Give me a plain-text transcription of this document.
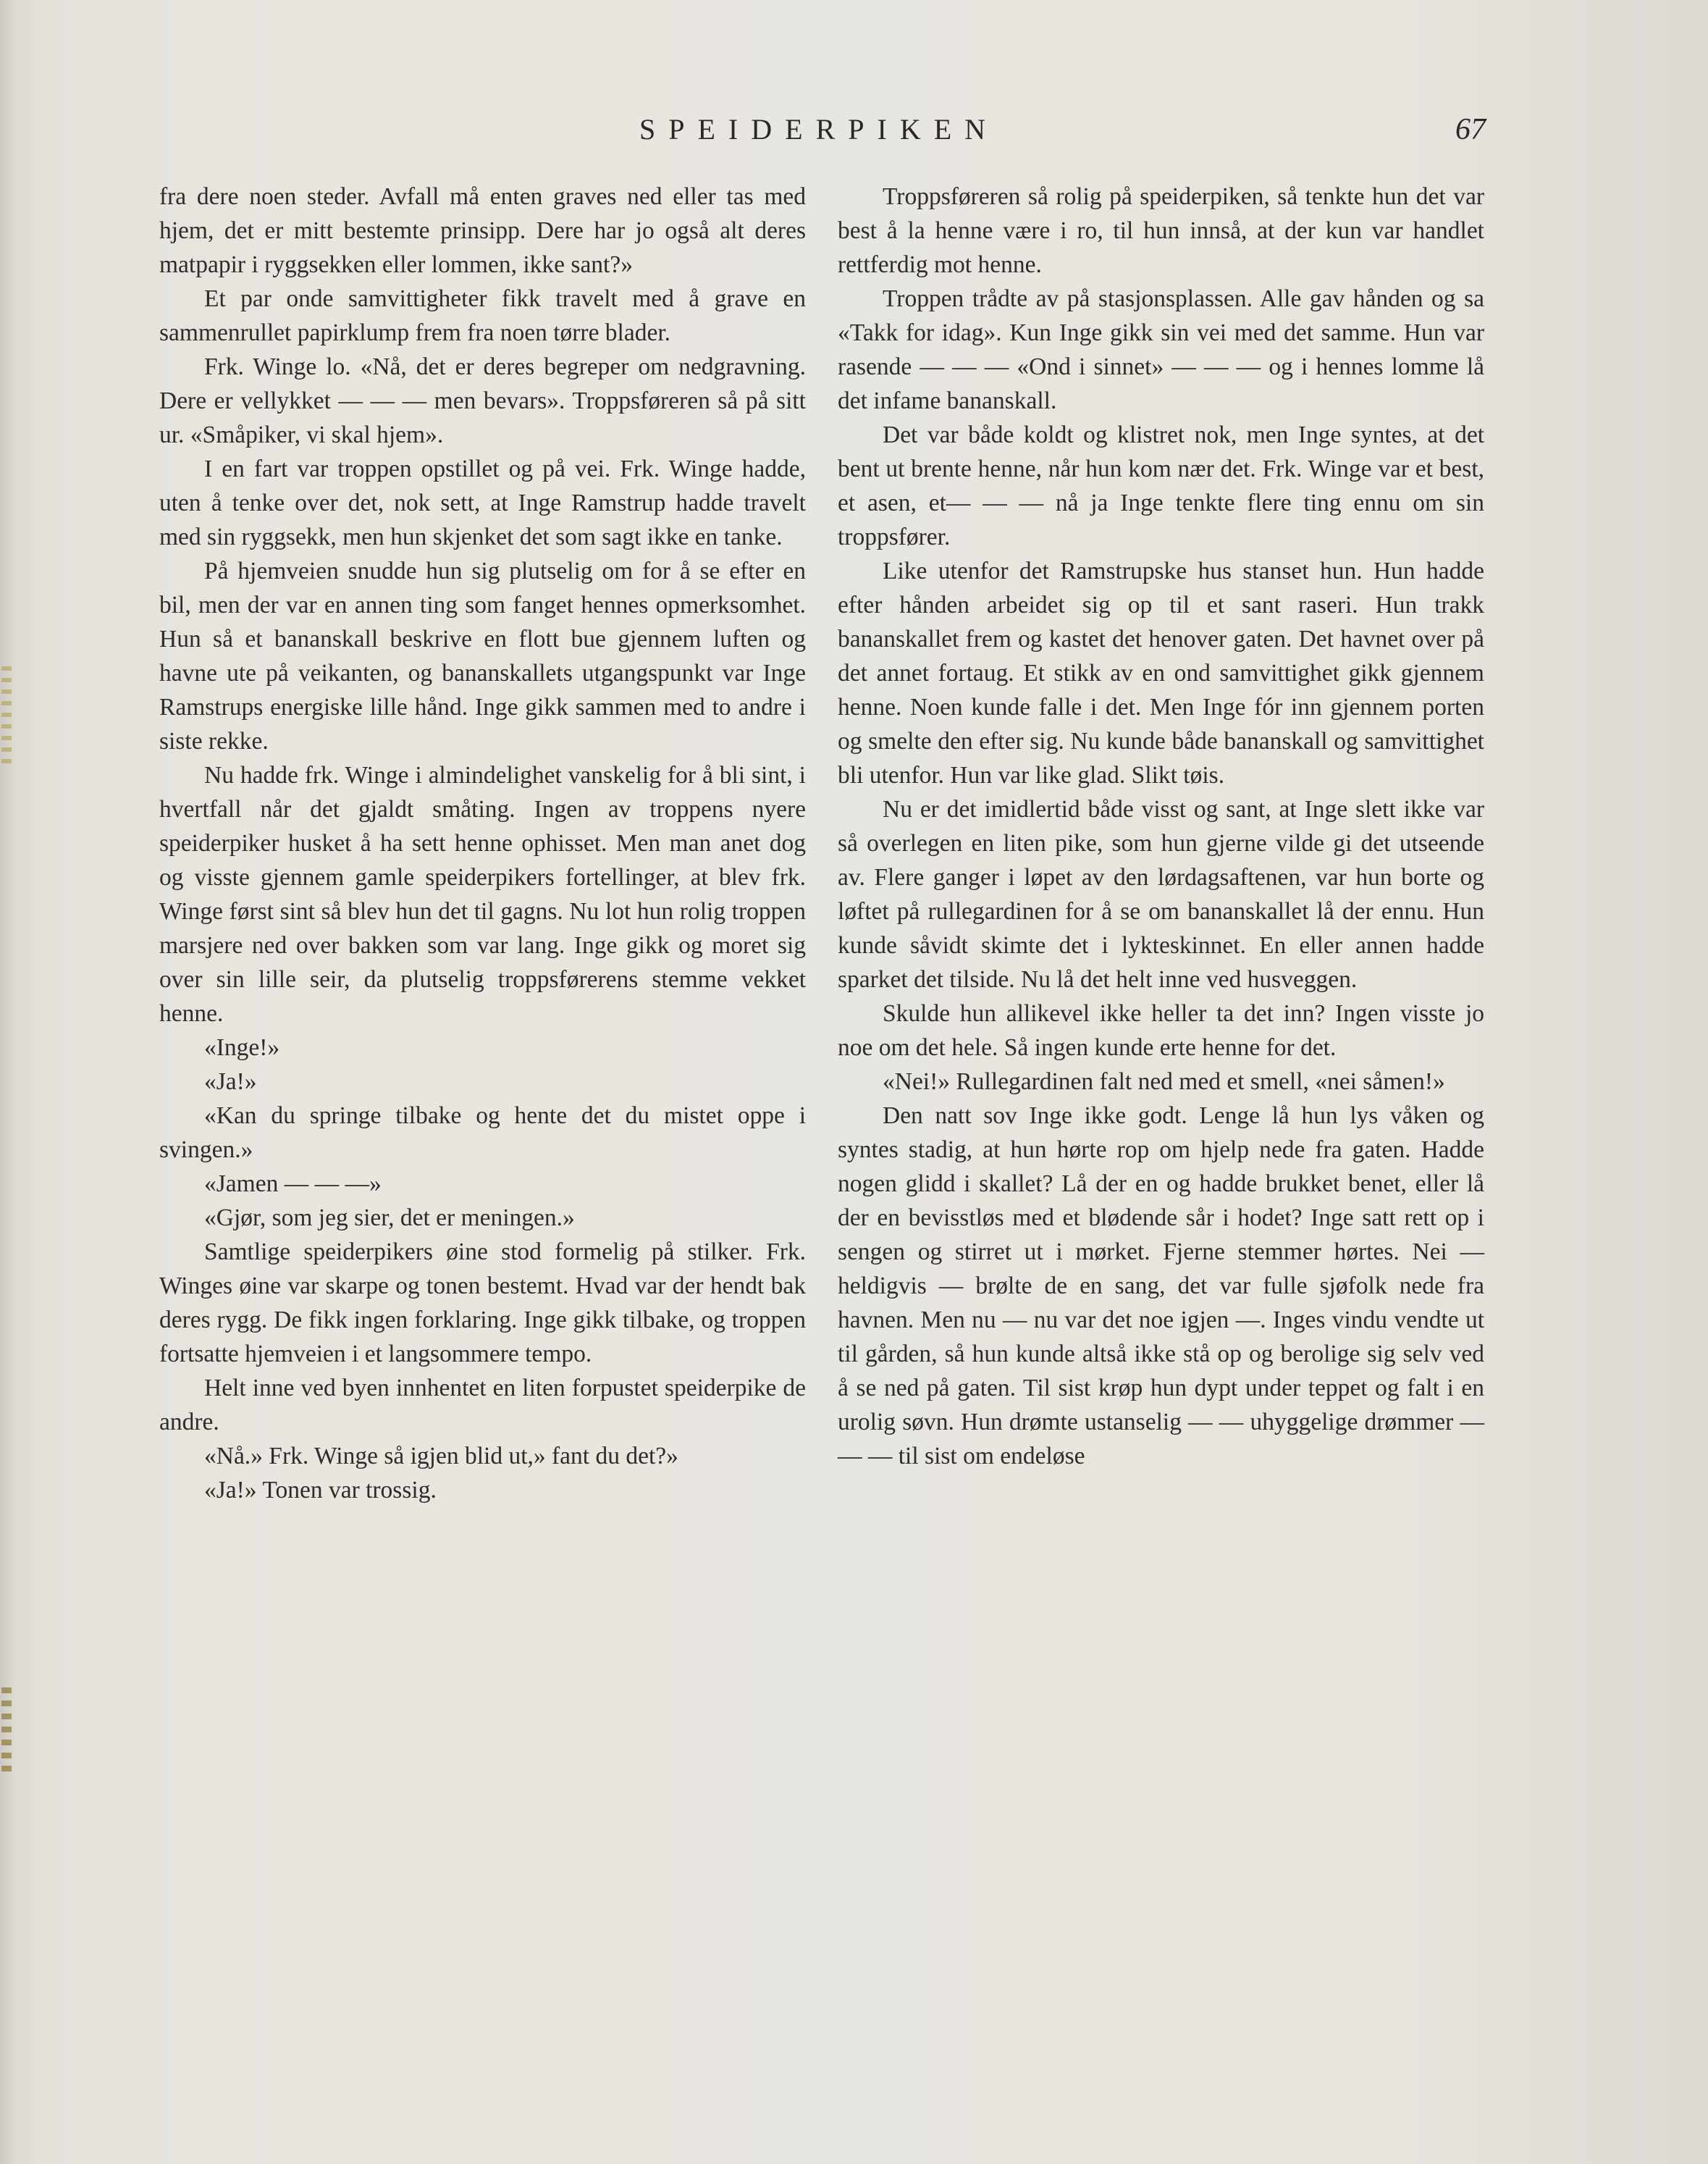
SPEIDERPIKEN	67

fra dere noen steder. Avfall må enten graves ned eller tas med hjem, det er mitt bestemte prinsipp. Dere har jo også alt deres matpapir i ryggsekken eller lommen, ikke sant?»

Et par onde samvittigheter fikk travelt med å grave en sammenrullet papirklump frem fra noen tørre blader.

Frk. Winge lo. «Nå, det er deres begreper om nedgravning. Dere er vellykket — — — men bevars». Troppsføreren så på sitt ur. «Småpiker, vi skal hjem».

I en fart var troppen opstillet og på vei. Frk. Winge hadde, uten å tenke over det, nok sett, at Inge Ramstrup hadde travelt med sin ryggsekk, men hun skjenket det som sagt ikke en tanke.

På hjemveien snudde hun sig plutselig om for å se efter en bil, men der var en annen ting som fanget hennes opmerksomhet. Hun så et bananskall beskrive en flott bue gjennem luften og havne ute på veikanten, og bananskallets utgangspunkt var Inge Ramstrups energiske lille hånd. Inge gikk sammen med to andre i siste rekke.

Nu hadde frk. Winge i almindelighet vanskelig for å bli sint, i hvertfall når det gjaldt småting. Ingen av troppens nyere speiderpiker husket å ha sett henne ophisset. Men man anet dog og visste gjennem gamle speiderpikers fortellinger, at blev frk. Winge først sint så blev hun det til gagns. Nu lot hun rolig troppen marsjere ned over bakken som var lang. Inge gikk og moret sig over sin lille seir, da plutselig troppsførerens stemme vekket henne.

«Inge!»

«Ja!»

«Kan du springe tilbake og hente det du mistet oppe i svingen.»

«Jamen — — —»

«Gjør, som jeg sier, det er meningen.»

Samtlige speiderpikers øine stod formelig på stilker. Frk. Winges øine var skarpe og tonen bestemt. Hvad var der hendt bak deres rygg. De fikk ingen forklaring. Inge gikk tilbake, og troppen fortsatte hjemveien i et langsommere tempo.

Helt inne ved byen innhentet en liten forpustet speiderpike de andre.

«Nå.» Frk. Winge så igjen blid ut,» fant du det?»

«Ja!» Tonen var trossig.

Troppsføreren så rolig på speiderpiken, så tenkte hun det var best å la henne være i ro, til hun innså, at der kun var handlet rettferdig mot henne.

Troppen trådte av på stasjonsplassen. Alle gav hånden og sa «Takk for idag». Kun Inge gikk sin vei med det samme. Hun var rasende — — — «Ond i sinnet» — — — og i hennes lomme lå det infame bananskall.

Det var både koldt og klistret nok, men Inge syntes, at det bent ut brente henne, når hun kom nær det. Frk. Winge var et best, et asen, et— — — nå ja Inge tenkte flere ting ennu om sin troppsfører.

Like utenfor det Ramstrupske hus stanset hun. Hun hadde efter hånden arbeidet sig op til et sant raseri. Hun trakk bananskallet frem og kastet det henover gaten. Det havnet over på det annet fortaug. Et stikk av en ond samvittighet gikk gjennem henne. Noen kunde falle i det. Men Inge fór inn gjennem porten og smelte den efter sig. Nu kunde både bananskall og samvittighet bli utenfor. Hun var like glad. Slikt tøis.

Nu er det imidlertid både visst og sant, at Inge slett ikke var så overlegen en liten pike, som hun gjerne vilde gi det utseende av. Flere ganger i løpet av den lørdagsaftenen, var hun borte og løftet på rullegardinen for å se om bananskallet lå der ennu. Hun kunde såvidt skimte det i lykteskinnet. En eller annen hadde sparket det tilside. Nu lå det helt inne ved husveggen.

Skulde hun allikevel ikke heller ta det inn? Ingen visste jo noe om det hele. Så ingen kunde erte henne for det.

«Nei!» Rullegardinen falt ned med et smell, «nei såmen!»

Den natt sov Inge ikke godt. Lenge lå hun lys våken og syntes stadig, at hun hørte rop om hjelp nede fra gaten. Hadde nogen glidd i skallet? Lå der en og hadde brukket benet, eller lå der en bevisstløs med et blødende sår i hodet? Inge satt rett op i sengen og stirret ut i mørket. Fjerne stemmer hørtes. Nei — heldigvis — brølte de en sang, det var fulle sjøfolk nede fra havnen. Men nu — nu var det noe igjen —. Inges vindu vendte ut til gården, så hun kunde altså ikke stå op og berolige sig selv ved å se ned på gaten. Til sist krøp hun dypt under teppet og falt i en urolig søvn. Hun drømte ustanselig — — uhyggelige drømmer — — — til sist om endeløse
